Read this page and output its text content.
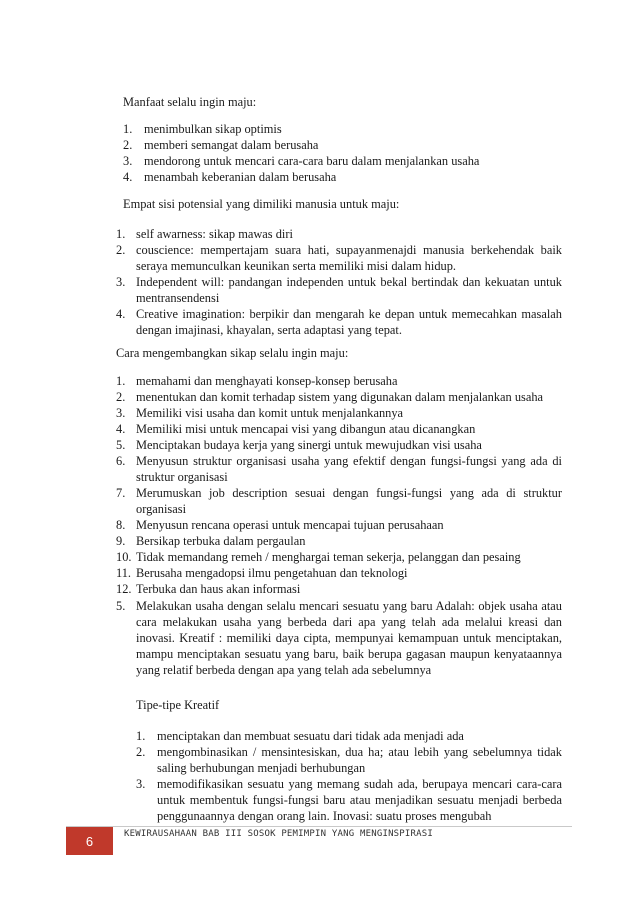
Manfaat selalu ingin maju:

1. menimbulkan sikap optimis
2. memberi semangat dalam berusaha
3. mendorong untuk mencari cara-cara baru dalam menjalankan usaha
4. menambah keberanian dalam berusaha

Empat sisi potensial yang dimiliki manusia untuk maju:

1. self awarness: sikap mawas diri
2. couscience: mempertajam suara hati, supayanmenajdi manusia berkehendak baik seraya memunculkan keunikan serta memiliki misi dalam hidup.
3. Independent will: pandangan independen untuk bekal bertindak dan kekuatan untuk mentransendensi
4. Creative imagination: berpikir dan mengarah ke depan untuk memecahkan masalah dengan imajinasi, khayalan, serta adaptasi yang tepat.

Cara mengembangkan sikap selalu ingin maju:

1. memahami dan menghayati konsep-konsep berusaha
2. menentukan dan komit terhadap sistem yang digunakan dalam menjalankan usaha
3. Memiliki visi usaha dan komit untuk menjalankannya
4. Memiliki misi untuk mencapai visi yang dibangun atau dicanangkan
5. Menciptakan budaya kerja yang sinergi untuk mewujudkan visi usaha
6. Menyusun struktur organisasi usaha yang efektif dengan fungsi-fungsi yang ada di struktur organisasi
7. Merumuskan job description sesuai dengan fungsi-fungsi yang ada di struktur organisasi
8. Menyusun rencana operasi untuk mencapai tujuan perusahaan
9. Bersikap terbuka dalam pergaulan
10. Tidak memandang remeh / menghargai teman sekerja, pelanggan dan pesaing
11. Berusaha mengadopsi ilmu pengetahuan dan teknologi
12. Terbuka dan haus akan informasi
5. Melakukan usaha dengan selalu mencari sesuatu yang baru Adalah: objek usaha atau cara melakukan usaha yang berbeda dari apa yang telah ada melalui kreasi dan inovasi. Kreatif : memiliki daya cipta, mempunyai kemampuan untuk menciptakan, mampu menciptakan sesuatu yang baru, baik berupa gagasan maupun kenyataannya yang relatif berbeda dengan apa yang telah ada sebelumnya

Tipe-tipe Kreatif

1. menciptakan dan membuat sesuatu dari tidak ada menjadi ada
2. mengombinasikan / mensintesiskan, dua ha; atau lebih yang sebelumnya tidak saling berhubungan menjadi berhubungan
3. memodifikasikan sesuatu yang memang sudah ada, berupaya mencari cara-cara untuk membentuk fungsi-fungsi baru atau menjadikan sesuatu menjadi berbeda penggunaannya dengan orang lain. Inovasi: suatu proses mengubah
6	KEWIRAUSAHAAN BAB III SOSOK PEMIMPIN YANG MENGINSPIRASI
